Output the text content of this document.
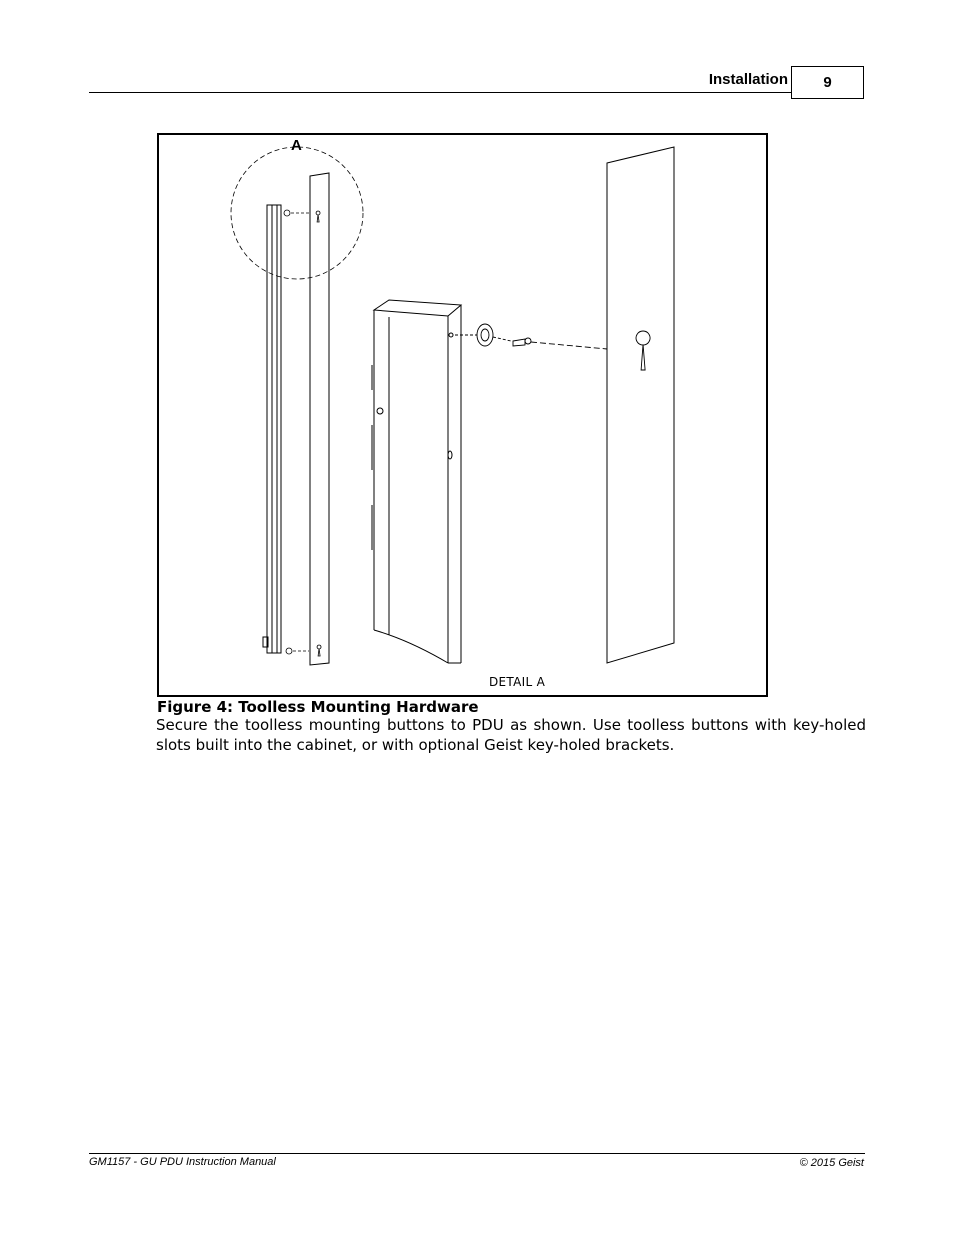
Installation 9
A
DETAIL A
Figure 4: Toolless Mounting Hardware
Secure the toolless mounting buttons to PDU as shown. Use toolless buttons with key-holed slots built into the cabinet, or with optional Geist key-holed brackets.
GM1157 - GU PDU Instruction Manual	© 2015 Geist
